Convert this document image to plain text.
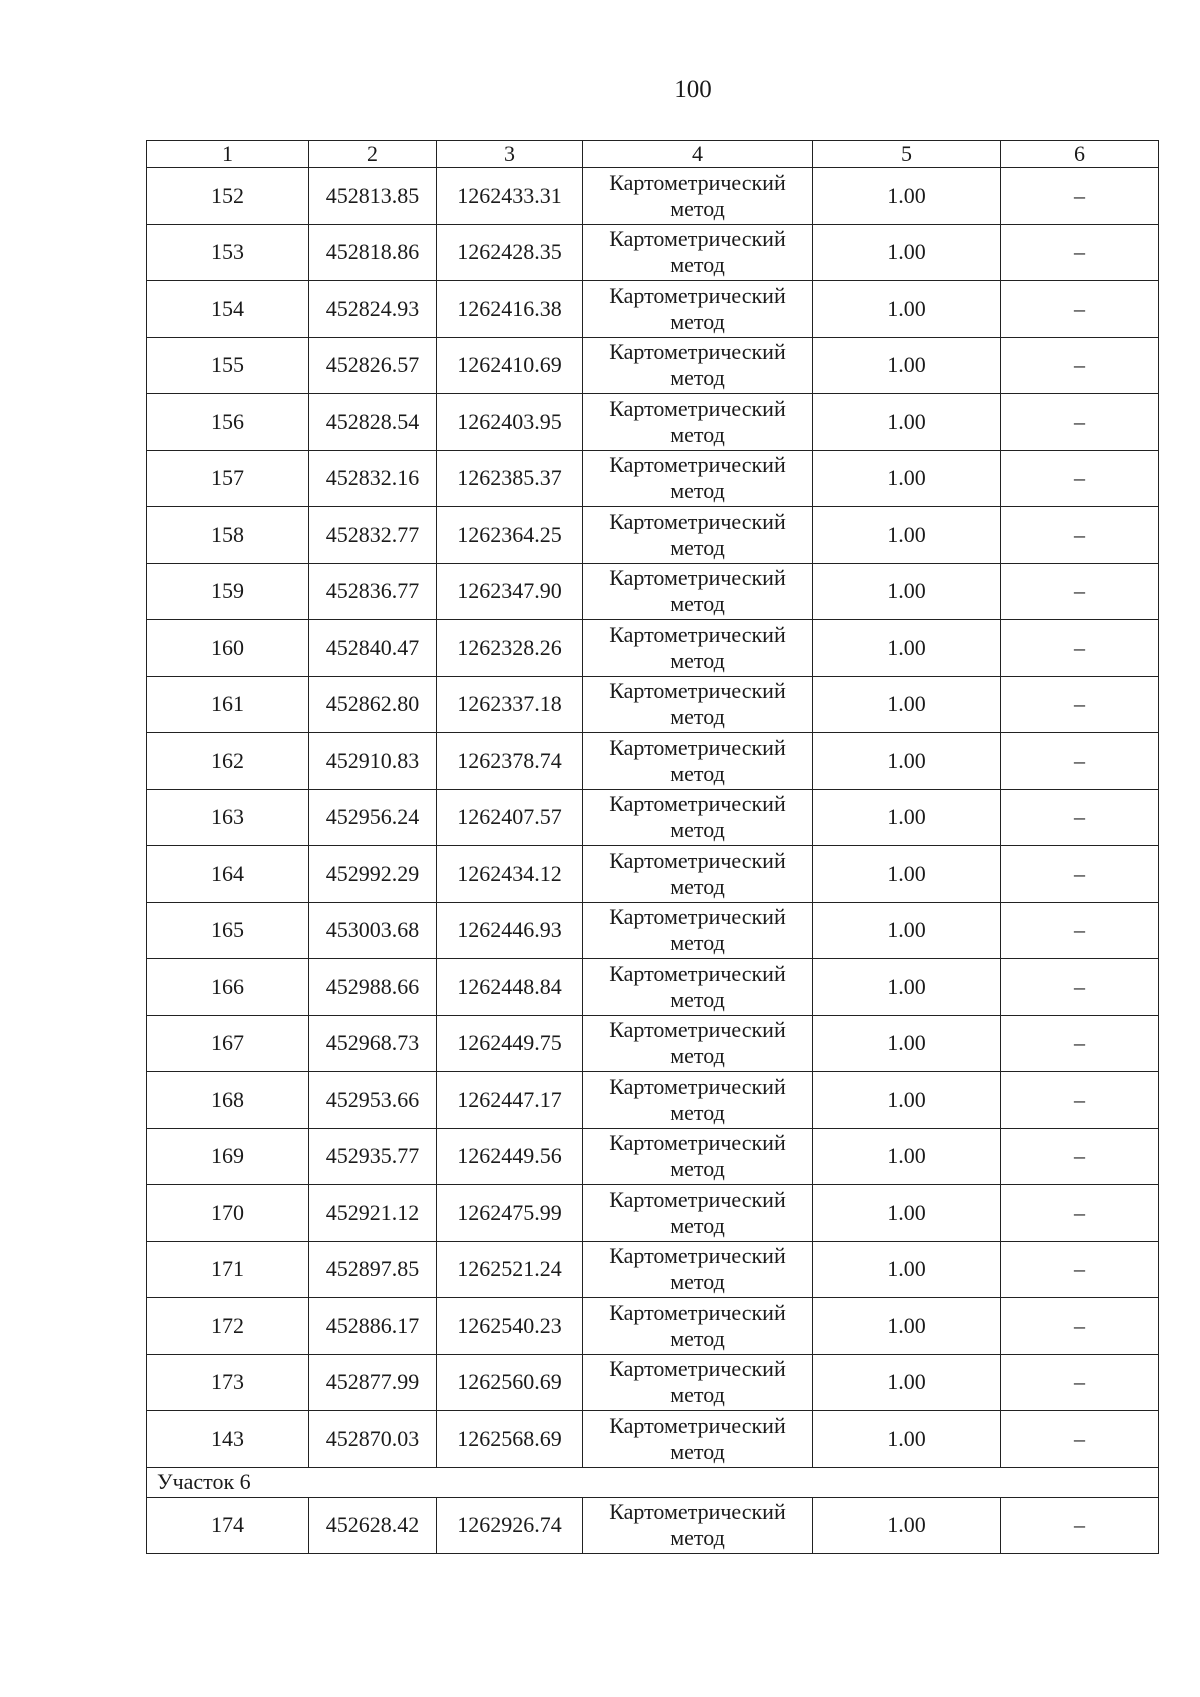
100
1	2	3	4	5	6
152	452813.85	1262433.31	Картометрический метод	1.00	–
153	452818.86	1262428.35	Картометрический метод	1.00	–
154	452824.93	1262416.38	Картометрический метод	1.00	–
155	452826.57	1262410.69	Картометрический метод	1.00	–
156	452828.54	1262403.95	Картометрический метод	1.00	–
157	452832.16	1262385.37	Картометрический метод	1.00	–
158	452832.77	1262364.25	Картометрический метод	1.00	–
159	452836.77	1262347.90	Картометрический метод	1.00	–
160	452840.47	1262328.26	Картометрический метод	1.00	–
161	452862.80	1262337.18	Картометрический метод	1.00	–
162	452910.83	1262378.74	Картометрический метод	1.00	–
163	452956.24	1262407.57	Картометрический метод	1.00	–
164	452992.29	1262434.12	Картометрический метод	1.00	–
165	453003.68	1262446.93	Картометрический метод	1.00	–
166	452988.66	1262448.84	Картометрический метод	1.00	–
167	452968.73	1262449.75	Картометрический метод	1.00	–
168	452953.66	1262447.17	Картометрический метод	1.00	–
169	452935.77	1262449.56	Картометрический метод	1.00	–
170	452921.12	1262475.99	Картометрический метод	1.00	–
171	452897.85	1262521.24	Картометрический метод	1.00	–
172	452886.17	1262540.23	Картометрический метод	1.00	–
173	452877.99	1262560.69	Картометрический метод	1.00	–
143	452870.03	1262568.69	Картометрический метод	1.00	–
Участок 6					
174	452628.42	1262926.74	Картометрический метод	1.00	–
